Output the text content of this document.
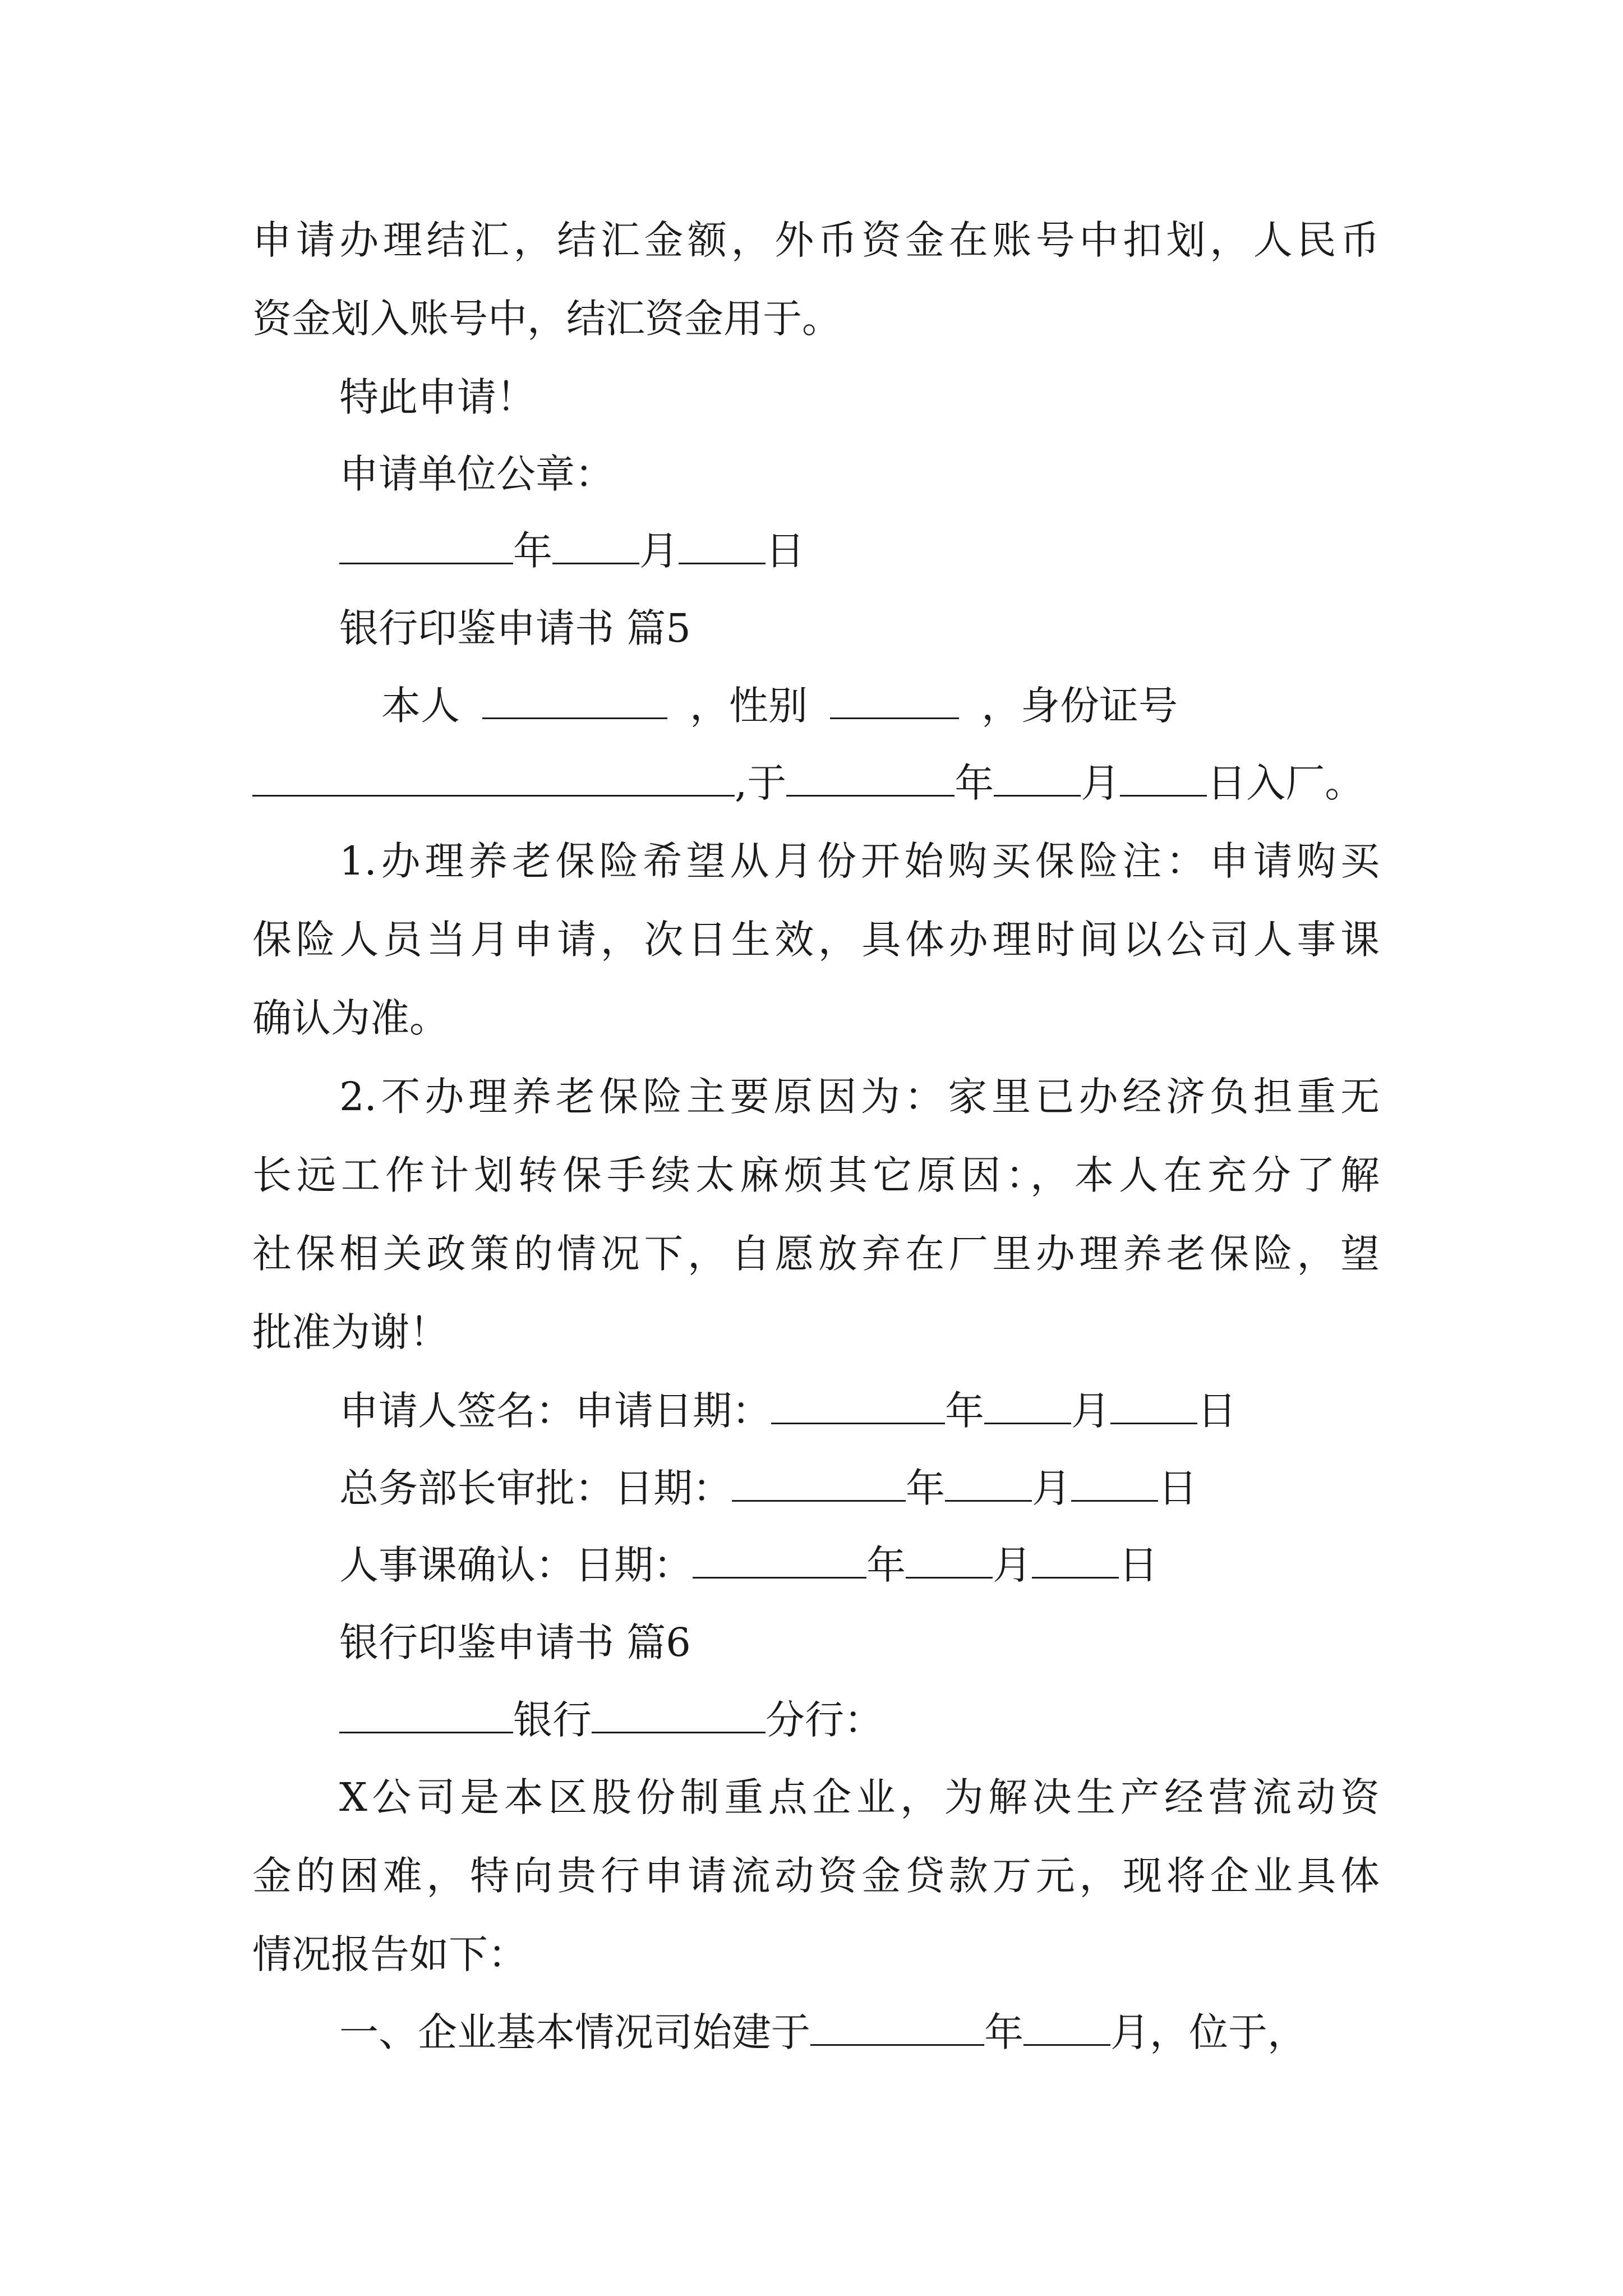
申请办理结汇，结汇金额，外币资金在账号中扣划，人民币
资金划入账号中，结汇资金用于。
特此申请！
申请单位公章：
年 月 日
银行印鉴申请书 篇5
本人	，性别	，身份证号
,于	年 月 日入厂。
1.办理养老保险希望从月份开始购买保险注：申请购买
保险人员当月申请，次日生效，具体办理时间以公司人事课
确认为准。
2.不办理养老保险主要原因为：家里已办经济负担重无
长远工作计划转保手续太麻烦其它原因：，本人在充分了解
社保相关政策的情况下，自愿放弃在厂里办理养老保险，望
批准为谢！
申请人签名：申请日期：	年 月 日
总务部长审批：日期：	年 月 日
人事课确认：日期：	年 月 日
银行印鉴申请书 篇6
银行	分行：
X公司是本区股份制重点企业，为解决生产经营流动资
金的困难，特向贵行申请流动资金贷款万元，现将企业具体
情况报告如下：
一、企业基本情况司始建于	年 月，位于，
